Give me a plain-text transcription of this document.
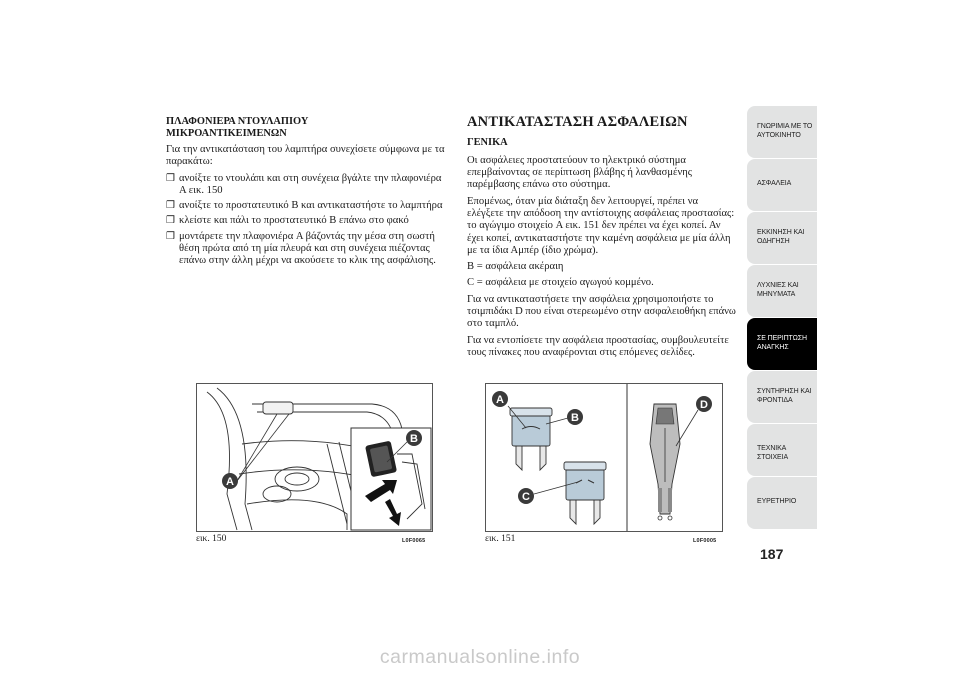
ΠΛΑΦΟΝΙΕΡΑ ΝΤΟΥΛΑΠΙΟΥ
ΜΙΚΡΟΑΝΤΙΚΕΙΜΕΝΩΝ

Για την αντικατάσταση του λαμπτήρα συνεχίσετε σύμφωνα με τα παρακάτω:

❒ ανοίξτε το ντουλάπι και στη συνέχεια βγάλτε την πλαφονιέρα A εικ. 150
❒ ανοίξτε το προστατευτικό B και αντικαταστήστε το λαμπτήρα
❒ κλείστε και πάλι το προστατευτικό B επάνω στο φακό
❒ μοντάρετε την πλαφονιέρα A βάζοντάς την μέσα στη σωστή θέση πρώτα από τη μία πλευρά και στη συνέχεια πιέζοντας επάνω στην άλλη μέχρι να ακούσετε το κλικ της ασφάλισης.
ΑΝΤΙΚΑΤΑΣΤΑΣΗ ΑΣΦΑΛΕΙΩΝ
ΓΕΝΙΚΑ

Οι ασφάλειες προστατεύουν το ηλεκτρικό σύστημα επεμβαίνοντας σε περίπτωση βλάβης ή λανθασμένης παρέμβασης επάνω στο σύστημα.

Επομένως, όταν μία διάταξη δεν λειτουργεί, πρέπει να ελέγξετε την απόδοση την αντίστοιχης ασφάλειας προστασίας: το αγώγιμο στοιχείο A εικ. 151 δεν πρέπει να έχει κοπεί. Αν έχει κοπεί, αντικαταστήστε την καμένη ασφάλεια με μία άλλη με τα ίδια Αμπέρ (ίδιο χρώμα).

B = ασφάλεια ακέραιη

C = ασφάλεια με στοιχείο αγωγού κομμένο.

Για να αντικαταστήσετε την ασφάλεια χρησιμοποιήστε το τσιμπιδάκι D που είναι στερεωμένο στην ασφαλειοθήκη επάνω στο ταμπλό.

Για να εντοπίσετε την ασφάλεια προστασίας, συμβουλευτείτε τους πίνακες που αναφέρονται στις επόμενες σελίδες.

B
A
εικ. 150	L0F0065
A
B
C
D
εικ. 151	L0F0005
ΓΝΩΡΙΜΙΑ ΜΕ ΤΟ
ΑΥΤΟΚΙΝΗΤΟ
ΑΣΦΑΛΕΙΑ
ΕΚΚΙΝΗΣΗ ΚΑΙ
ΟΔΗΓΗΣΗ
ΛΥΧΝΙΕΣ ΚΑΙ
ΜΗΝΥΜΑΤΑ
ΣΕ ΠΕΡΙΠΤΩΣΗ
ΑΝΑΓΚΗΣ
ΣΥΝΤΗΡΗΣΗ ΚΑΙ
ΦΡΟΝΤΙΔΑ
ΤΕΧΝΙΚΑ ΣΤΟΙΧΕΙΑ
ΕΥΡΕΤΗΡΙΟ
187
carmanualsonline.info
